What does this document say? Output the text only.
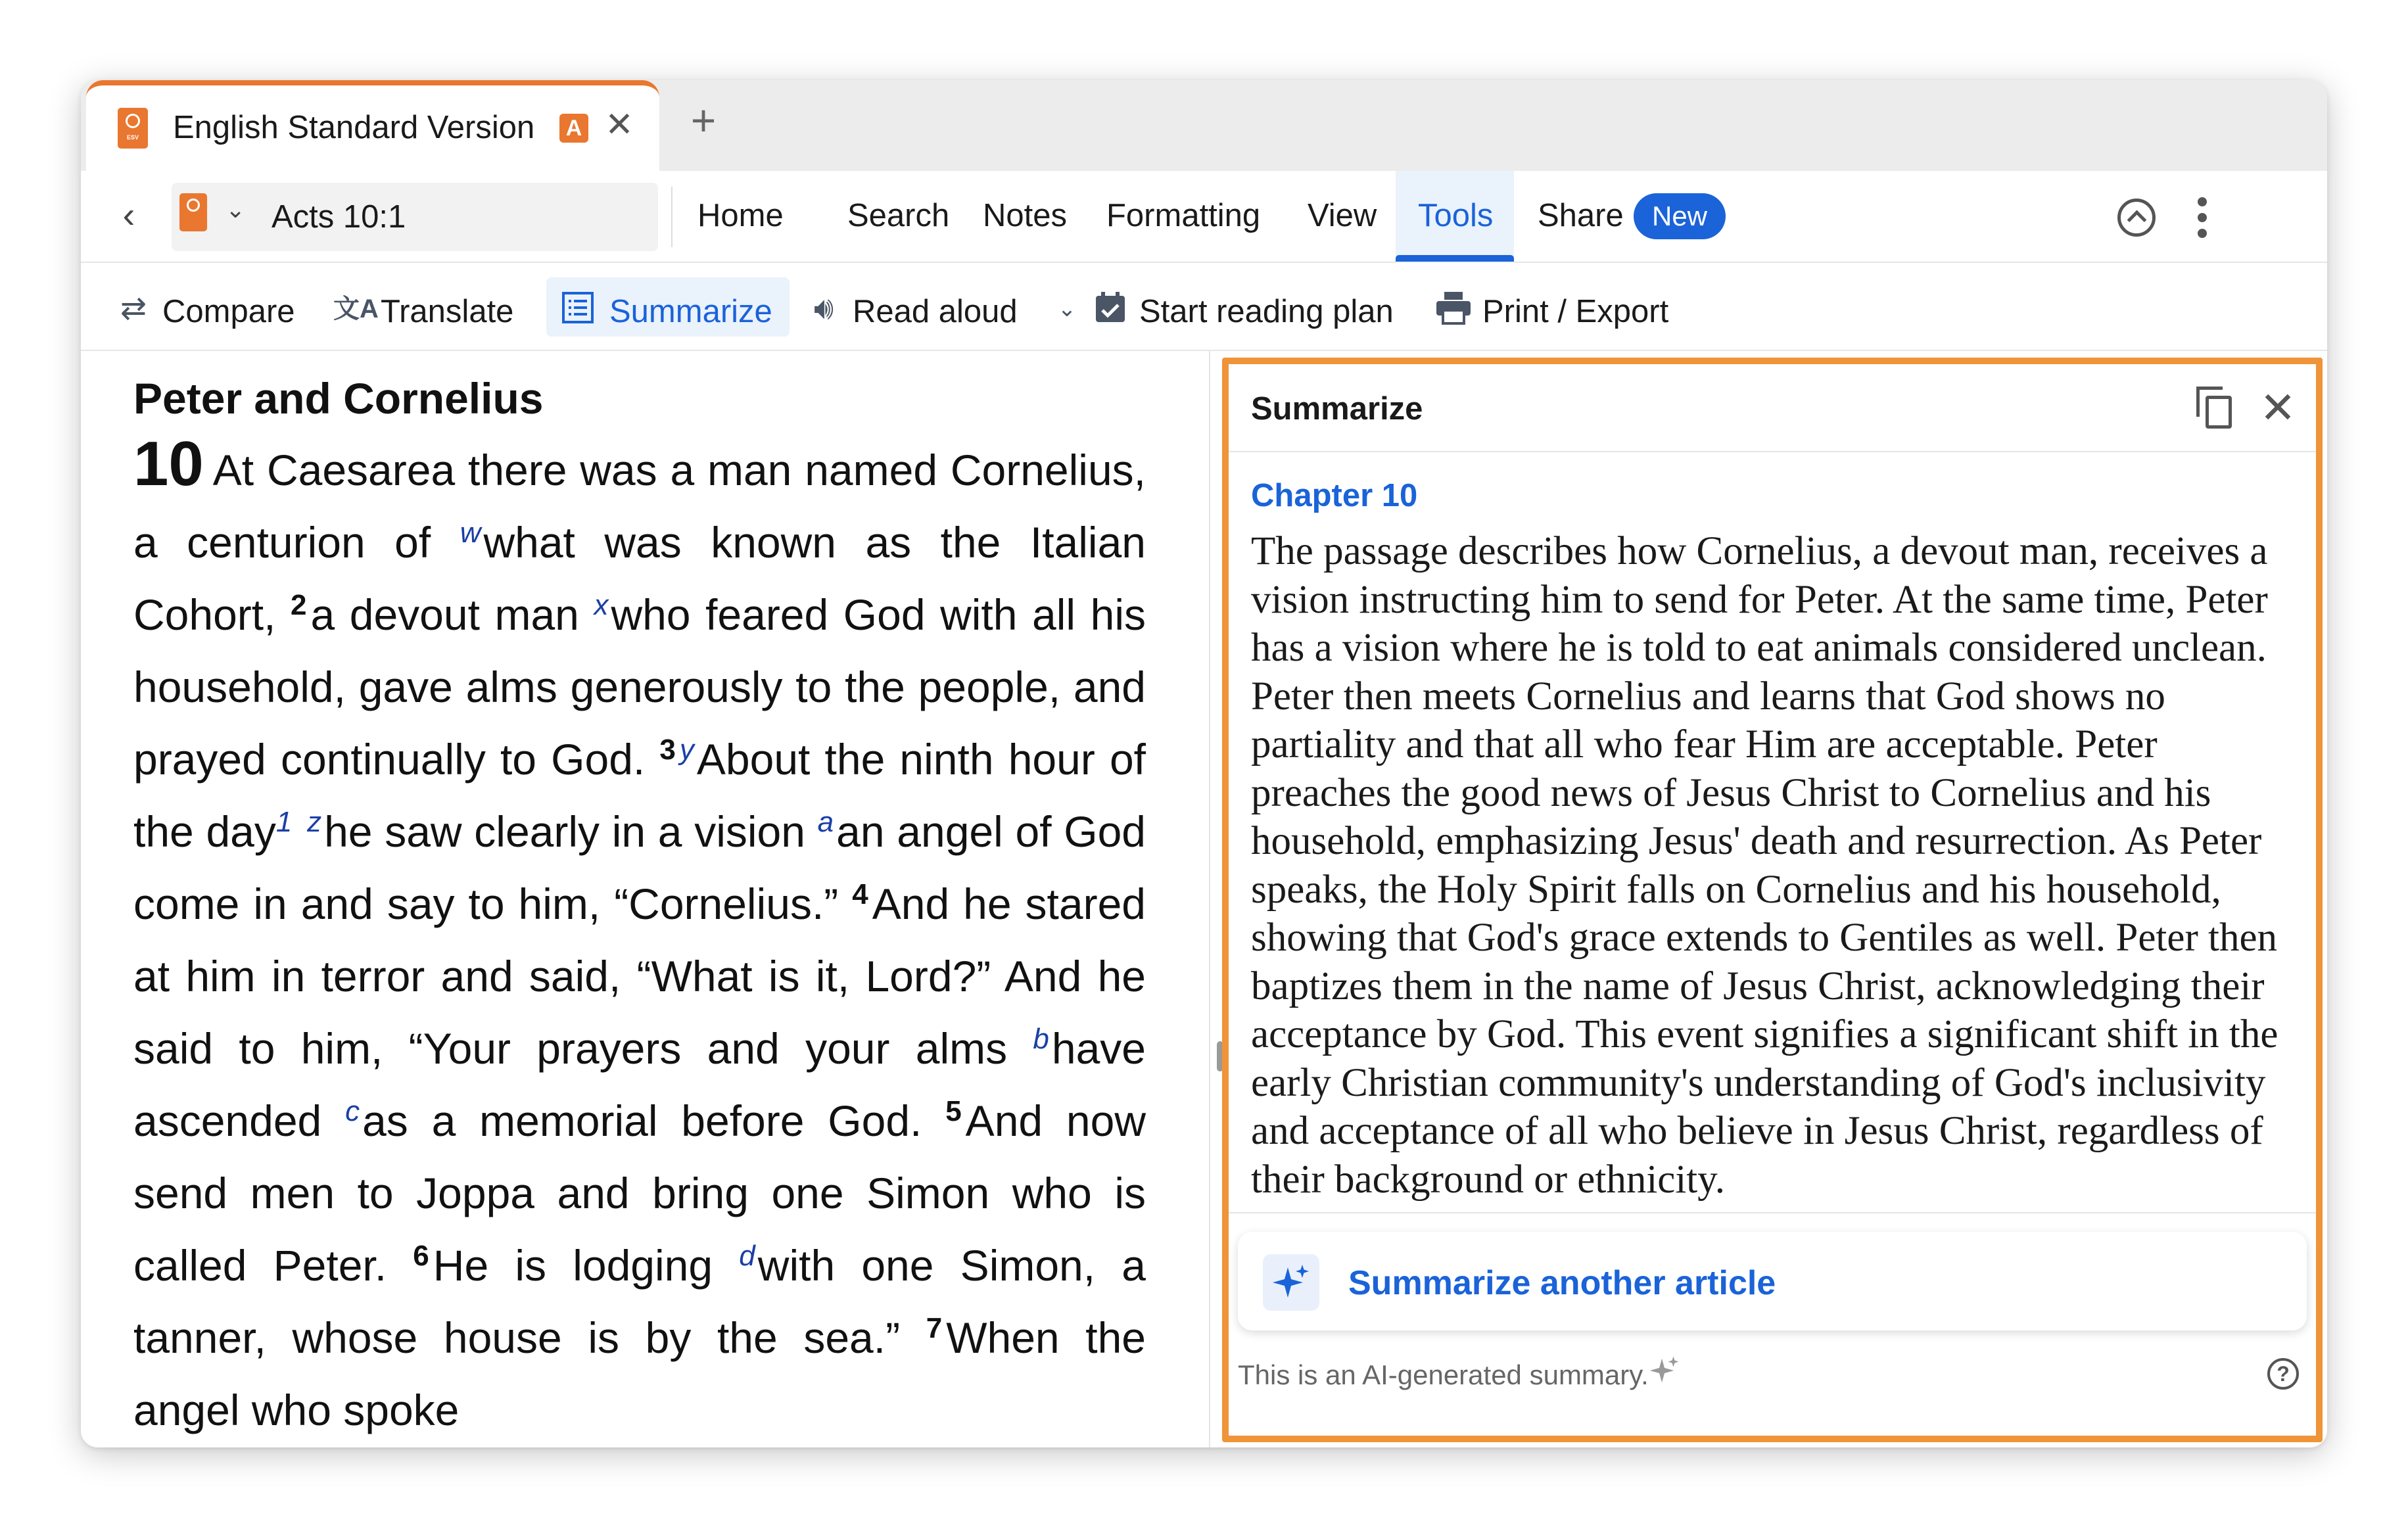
ESV
English Standard Version A ✕ +
‹	⌄ Acts 10:1	Home Search Notes Formatting View Tools Share	New
⇄ Compare 文A Translate	Summarize 🔊︎ Read aloud	⌄ Start reading plan	Print / Export
Peter and Cornelius
10 At Caesarea there was a man named Cornelius, a centurion of $^w$what was known as the Italian Cohort, $^2$a devout man $^x$who feared God with all his household, gave alms generously to the people, and prayed continually to God. $^3$ $^y$About the ninth hour of the day$^1$ $^z$he saw clearly in a vision $^a$an angel of God come in and say to him, “Cornelius.” $^4$And he stared at him in terror and said, “What is it, Lord?” And he said to him, “Your prayers and your alms $^b$have ascended $^c$as a memorial before God. $^5$And now send men to Joppa and bring one Simon who is called Peter. $^6$He is lodging $^d$with one Simon, a tanner, whose house is by the sea.” $^7$When the angel who spoke
Summarize	✕
Chapter 10
The passage describes how Cornelius, a devout man, receives a vision instructing him to send for Peter. At the same time, Peter has a vision where he is told to eat animals considered unclean. Peter then meets Cornelius and learns that God shows no partiality and that all who fear Him are acceptable. Peter preaches the good news of Jesus Christ to Cornelius and his household, emphasizing Jesus' death and resurrection. As Peter speaks, the Holy Spirit falls on Cornelius and his household, showing that God's grace extends to Gentiles as well. Peter then baptizes them in the name of Jesus Christ, acknowledging their acceptance by God. This event signifies a significant shift in the early Christian community's understanding of God's inclusivity and acceptance of all who believe in Jesus Christ, regardless of their background or ethnicity.
Summarize another article
This is an AI-generated summary.	?
